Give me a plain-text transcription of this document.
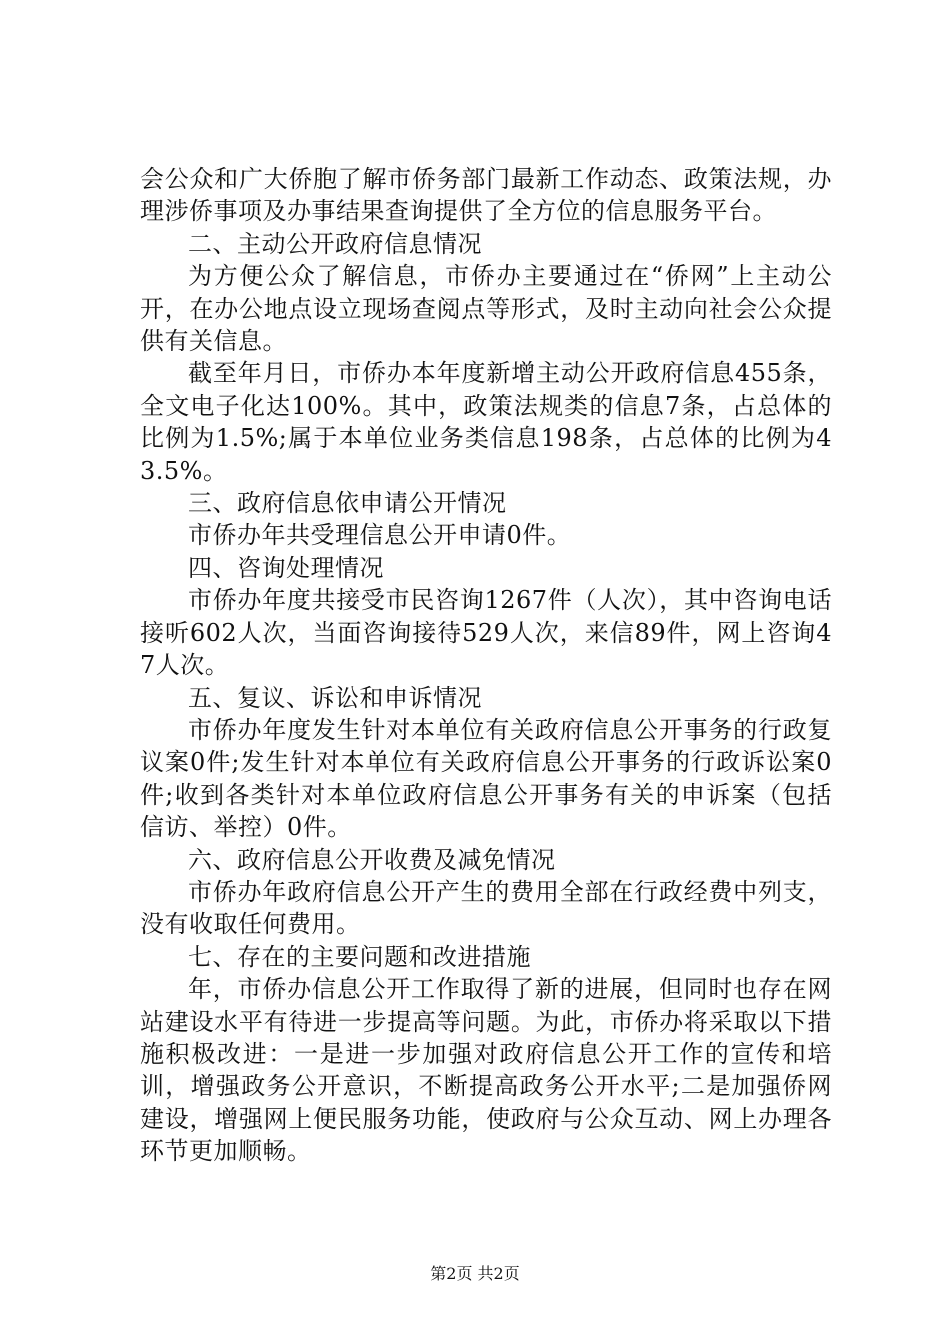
会公众和广大侨胞了解市侨务部门最新工作动态、政策法规，办理涉侨事项及办事结果查询提供了全方位的信息服务平台。

二、主动公开政府信息情况

为方便公众了解信息，市侨办主要通过在“侨网”上主动公开，在办公地点设立现场查阅点等形式，及时主动向社会公众提供有关信息。

截至年月日，市侨办本年度新增主动公开政府信息455条，全文电子化达100%。其中，政策法规类的信息7条，占总体的比例为1.5%;属于本单位业务类信息198条，占总体的比例为43.5%。

三、政府信息依申请公开情况

市侨办年共受理信息公开申请0件。

四、咨询处理情况

市侨办年度共接受市民咨询1267件（人次），其中咨询电话接听602人次，当面咨询接待529人次，来信89件，网上咨询47人次。

五、复议、诉讼和申诉情况

市侨办年度发生针对本单位有关政府信息公开事务的行政复议案0件;发生针对本单位有关政府信息公开事务的行政诉讼案0件;收到各类针对本单位政府信息公开事务有关的申诉案（包括信访、举控）0件。

六、政府信息公开收费及减免情况

市侨办年政府信息公开产生的费用全部在行政经费中列支，没有收取任何费用。

七、存在的主要问题和改进措施

年，市侨办信息公开工作取得了新的进展，但同时也存在网站建设水平有待进一步提高等问题。为此，市侨办将采取以下措施积极改进：一是进一步加强对政府信息公开工作的宣传和培训，增强政务公开意识，不断提高政务公开水平;二是加强侨网建设，增强网上便民服务功能，使政府与公众互动、网上办理各环节更加顺畅。

第2页 共2页
